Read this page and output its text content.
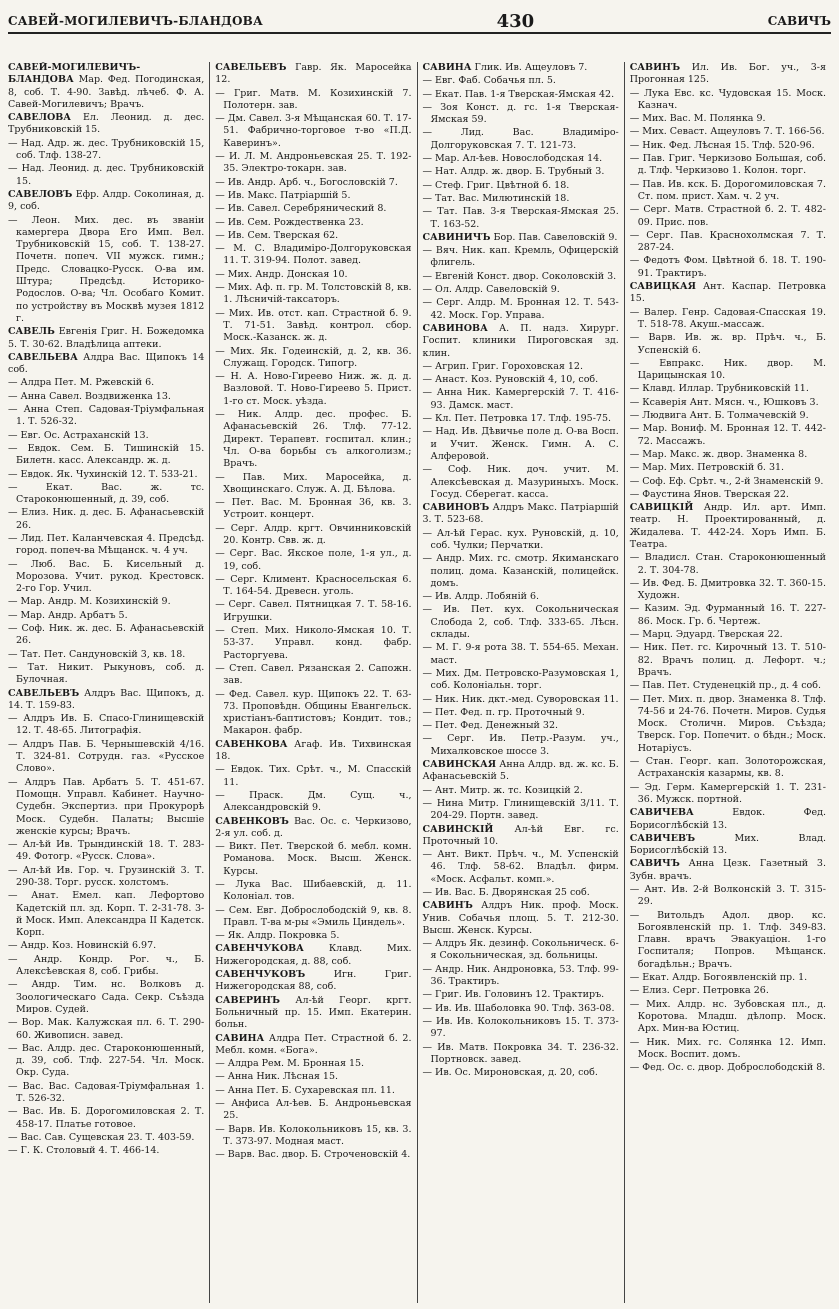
САВЕЙ-МОГИЛЕВИЧЪ-БЛАНДОВА	430	САВИЧЪ
САВЕЙ-МОГИЛЕВИЧЪ-БЛАНДОВА Мар. Фед. Погодинская, 8, соб. Т. 4-90. Завѣд. лѣчеб. Ф. А. Савей-Могилевичъ; Врачъ.
САВЕЛОВА Ел. Леонид. д. дес. Трубниковскій 15.
— Над. Адр. ж. дес. Трубниковскій 15, соб. Тлф. 138-27.
— Над. Леонид. д. дес. Трубниковскій 15.
САВЕЛОВЪ Ефр. Алдр. Соколиная, д. 9, соб.
— Леон. Мих. дес. въ званіи камергера Двора Его Имп. Вел. Трубниковскій 15, соб. Т. 138-27. Почетн. попеч. VII мужск. гимн.; Предс. Словацко-Русск. О-ва им. Штура; Предсѣд. Историко-Родослов. О-ва; Чл. Особаго Комит. по устройству въ Москвѣ музея 1812 г.
САВЕЛЬ Евгенія Григ. Н. Божедомка 5. Т. 30-62. Владѣлица аптеки.
САВЕЛЬЕВА Алдра Вас. Щипокъ 14 соб.
— Алдра Пет. М. Ржевскій 6.
— Анна Савел. Воздвиженка 13.
— Анна Степ. Садовая-Тріумфальная 1. Т. 526-32.
— Евг. Ос. Астраханскій 13.
— Евдок. Сем. Б. Тишинскій 15. Билетн. касс. Александр. ж. д.
— Евдок. Як. Чухинскій 12. Т. 533-21.
— Екат. Вас. ж. тс. Староконюшенный, д. 39, соб.
— Елиз. Ник. д. дес. Б. Афанасьевскій 26.
— Лид. Пет. Каланчевская 4. Предсѣд. город. попеч-ва Мѣщанск. ч. 4 уч.
— Люб. Вас. Б. Кисельный д. Морозова. Учит. рукод. Крестовск. 2-го Гор. Учил.
— Мар. Андр. М. Козихинскій 9.
— Мар. Андр. Арбатъ 5.
— Соф. Ник. ж. дес. Б. Афанасьевскій 26.
— Тат. Пет. Сандуновскій 3, кв. 18.
— Тат. Никит. Рыкуновъ, соб. д. Булочная.
САВЕЛЬЕВЪ Алдръ Вас. Щипокъ, д. 14. Т. 159-83.
— Алдръ Ив. Б. Спасо-Глинищевскій 12. Т. 48-65. Литографія.
— Алдръ Пав. Б. Чернышевскій 4/16. Т. 324-81. Сотрудн. газ. «Русское Слово».
— Алдръ Пав. Арбатъ 5. Т. 451-67. Помощн. Управл. Кабинет. Научно-Судебн. Экспертиз. при Прокурорѣ Моск. Судебн. Палаты; Высшіе женскіе курсы; Врачъ.
— Ал-ѣй Ив. Трындинскій 18. Т. 283-49. Фотогр. «Русск. Слова».
— Ал-ѣй Ив. Гор. ч. Грузинскій 3. Т. 290-38. Торг. русск. холстомъ.
— Анат. Емел. кап. Лефортово Кадетскій пл. зд. Корп. Т. 2-31-78. 3-й Моск. Имп. Александра II Кадетск. Корп.
— Андр. Коз. Новинскій 6.97.
— Андр. Кондр. Рог. ч., Б. Алексѣевская 8, соб. Грибы.
— Андр. Тим. нс. Волковъ д. Зоологическаго Сада. Секр. Съѣзда Миров. Судей.
— Вор. Мак. Калужская пл. 6. Т. 290-60. Живописн. завед.
— Вас. Алдр. дес. Староконюшенный, д. 39, соб. Тлф. 227-54. Чл. Моск. Окр. Суда.
— Вас. Вас. Садовая-Тріумфальная 1. Т. 526-32.
— Вас. Ив. Б. Дорогомиловская 2. Т. 458-17. Платье готовое.
— Вас. Сав. Сущевская 23. Т. 403-59.
— Г. К. Столовый 4. Т. 466-14.
САВЕЛЬЕВЪ Гавр. Як. Маросейка 12.
— Григ. Матв. М. Козихинскій 7. Полотерн. зав.
— Дм. Савел. 3-я Мѣщанская 60. Т. 17-51. Фабрично-торговое т-во «П.Д. Каверинъ».
— И. Л. М. Андроньевская 25. Т. 192-35. Электро-токарн. зав.
— Ив. Андр. Арб. ч., Богословскій 7.
— Ив. Макс. Патріаршій 5.
— Ив. Савел. Серебрянический 8.
— Ив. Сем. Рождественка 23.
— Ив. Сем. Тверская 62.
— М. С. Владиміро-Долгоруковская 11. Т. 319-94. Полот. завед.
— Мих. Андр. Донская 10.
— Мих. Аф. п. гр. М. Толстовскій 8, кв. 1. Лѣсничій-таксаторъ.
— Мих. Ив. отст. кап. Страстной б. 9. Т. 71-51. Завѣд. контрол. сбор. Моск.-Казанск. ж. д.
— Мих. Як. Годеинскій, д. 2, кв. 36. Служащ. Городск. Типогр.
— Н. А. Ново-Гиреево Ниж. ж. д. д. Вазловой. Т. Ново-Гиреево 5. Прист. 1-го ст. Моск. уѣзда.
— Ник. Алдр. дес. профес. Б. Афанасьевскій 26. Тлф. 77-12. Директ. Терапевт. госпитал. клин.; Чл. О-ва борьбы съ алкоголизм.; Врачъ.
— Пав. Мих. Маросейка, д. Хвощинскаго. Служ. А. Д. Бѣлова.
— Пет. Вас. М. Бронная 36, кв. 3. Устроит. концерт.
— Серг. Алдр. кргт. Овчинниковскій 20. Контр. Свв. ж. д.
— Серг. Вас. Якское поле, 1-я ул., д. 19, соб.
— Серг. Климент. Красносельская 6. Т. 164-54. Древесн. уголь.
— Серг. Савел. Пятницкая 7. Т. 58-16. Игрушки.
— Степ. Мих. Николо-Ямская 10. Т. 53-37. Управл. конд. фабр. Расторгуева.
— Степ. Савел. Рязанская 2. Сапожн. зав.
— Фед. Савел. кур. Щипокъ 22. Т. 63-73. Проповѣдн. Общины Евангельск. христіанъ-баптистовъ; Кондит. тов.; Макарон. фабр.
САВЕНКОВА Агаф. Ив. Тихвинская 18.
— Евдок. Тих. Срѣт. ч., М. Спасскій 11.
— Праск. Дм. Сущ. ч., Александровскій 9.
САВЕНКОВЪ Вас. Ос. с. Черкизово, 2-я ул. соб. д.
— Викт. Пет. Тверской б. мебл. комн. Романова. Моск. Высш. Женск. Курсы.
— Лука Вас. Шибаевскій, д. 11. Колоніал. тов.
— Сем. Евг. Доброслободскій 9, кв. 8. Правл. Т-ва м-ры «Эмиль Циндель».
— Як. Алдр. Покровка 5.
САВЕНЧУКОВА Клавд. Мих. Нижегородская, д. 88, соб.
САВЕНЧУКОВЪ Игн. Григ. Нижегородская 88, соб.
САВЕРИНЪ Ал-ѣй Георг. кргт. Больничный пр. 15. Имп. Екатерин. больн.
САВИНА Алдра Пет. Страстной б. 2. Мебл. комн. «Бога».
— Алдра Рем. М. Бронная 15.
— Анна Ник. Лѣсная 15.
— Анна Пет. Б. Сухаревская пл. 11.
— Анфиса Ал-ѣев. Б. Андроньевская 25.
— Варв. Ив. Колокольниковъ 15, кв. 3. Т. 373-97. Модная маст.
— Варв. Вас. двор. Б. Строченовскій 4.
САВИНА Глик. Ив. Ащеуловъ 7.
— Евг. Фаб. Собачья пл. 5.
— Екат. Пав. 1-я Тверская-Ямская 42.
— Зоя Конст. д. гс. 1-я Тверская-Ямская 59.
— Лид. Вас. Владиміро-Долгоруковская 7. Т. 121-73.
— Мар. Ал-ѣев. Новослободская 14.
— Нат. Алдр. ж. двор. Б. Трубный 3.
— Стеф. Григ. Цвѣтной б. 18.
— Тат. Вас. Милютинскій 18.
— Тат. Пав. 3-я Тверская-Ямская 25. Т. 163-52.
САВИНИЧЪ Бор. Пав. Савеловскій 9.
— Вяч. Ник. кап. Кремль, Офицерскій флигель.
— Евгеній Конст. двор. Соколовскій 3.
— Ол. Алдр. Савеловскій 9.
— Серг. Алдр. М. Бронная 12. Т. 543-42. Моск. Гор. Управа.
САВИНОВА А. П. надз. Хирург. Госпит. клиники Пироговская зд. клин.
— Агрип. Григ. Гороховская 12.
— Анаст. Коз. Руновскій 4, 10, соб.
— Анна Ник. Камергерскій 7. Т. 416-93. Дамск. маст.
— Кл. Пет. Петровка 17. Тлф. 195-75.
— Над. Ив. Дѣвичье поле д. О-ва Восп. и Учит. Женск. Гимн. А. С. Алферовой.
— Соф. Ник. доч. учит. М. Алексѣевская д. Мазуриныхъ. Моск. Госуд. Сберегат. касса.
САВИНОВЪ Алдръ Макс. Патріаршій 3. Т. 523-68.
— Ал-ѣй Герас. кух. Руновскій, д. 10, соб. Чулки; Перчатки.
— Андр. Мих. гс. смотр. Якиманскаго полиц. дома. Казанскій, полицейск. домъ.
— Ив. Алдр. Лобяній 6.
— Ив. Пет. кух. Сокольническая Слобода 2, соб. Тлф. 333-65. Лѣсн. склады.
— М. Г. 9-я рота 38. Т. 554-65. Механ. маст.
— Мих. Дм. Петровско-Разумовская 1, соб. Колоніальн. торг.
— Ник. Ник. дкт.-мед. Суворовская 11.
— Пет. Фед. п. гр. Проточный 9.
— Пет. Фед. Денежный 32.
— Серг. Ив. Петр.-Разум. уч., Михалковское шоссе 3.
САВИНСКАЯ Анна Алдр. вд. ж. кс. Б. Афанасьевскій 5.
— Ант. Митр. ж. тс. Козицкій 2.
— Нина Митр. Глинищевскій 3/11. Т. 204-29. Портн. завед.
САВИНСКІЙ Ал-ѣй Евг. гс. Проточный 10.
— Ант. Викт. Прѣч. ч., М. Успенскій 46. Тлф. 58-62. Владѣл. фирм. «Моск. Асфальт. комп.».
— Ив. Вас. Б. Дворянская 25 соб.
САВИНЪ Алдръ Ник. проф. Моск. Унив. Собачья площ. 5. Т. 212-30. Высш. Женск. Курсы.
— Алдръ Як. дезинф. Сокольническ. 6-я Сокольническая, зд. больницы.
— Андр. Ник. Андроновка, 53. Тлф. 99-36. Трактиръ.
— Григ. Ив. Головинъ 12. Трактиръ.
— Ив. Ив. Шаболовка 90. Тлф. 363-08.
— Ив. Ив. Колокольниковъ 15. Т. 373-97.
— Ив. Матв. Покровка 34. Т. 236-32. Портновск. завед.
— Ив. Ос. Мироновская, д. 20, соб.
САВИНЪ Ил. Ив. Бог. уч., 3-я Прогонная 125.
— Лука Евс. кс. Чудовская 15. Моск. Казнач.
— Мих. Вас. М. Полянка 9.
— Мих. Севаст. Ащеуловъ 7. Т. 166-56.
— Ник. Фед. Лѣсная 15. Тлф. 520-96.
— Пав. Григ. Черкизово Большая, соб. д. Тлф. Черкизово 1. Колон. торг.
— Пав. Ив. кск. Б. Дорогомиловская 7. Ст. пом. прист. Хам. ч. 2 уч.
— Серг. Матв. Страстной б. 2. Т. 482-09. Прис. пов.
— Серг. Пав. Краснохолмская 7. Т. 287-24.
— Федотъ Фом. Цвѣтной б. 18. Т. 190-91. Трактиръ.
САВИЦКАЯ Ант. Каспар. Петровка 15.
— Валер. Генр. Садовая-Спасская 19. Т. 518-78. Акуш.-массаж.
— Варв. Ив. ж. вр. Прѣч. ч., Б. Успенскій 6.
— Евпракс. Ник. двор. М. Царицынская 10.
— Клавд. Иллар. Трубниковскій 11.
— Ксаверія Ант. Мясн. ч., Юшковъ 3.
— Людвига Ант. Б. Толмачевскій 9.
— Мар. Вониф. М. Бронная 12. Т. 442-72. Массажъ.
— Мар. Макс. ж. двор. Знаменка 8.
— Мар. Мих. Петровскій б. 31.
— Соф. Еф. Срѣт. ч., 2-й Знаменскій 9.
— Фаустина Янов. Тверская 22.
САВИЦКІЙ Андр. Ил. арт. Имп. театр. Н. Проектированный, д. Жидалева. Т. 442-24. Хоръ Имп. Б. Театра.
— Владисл. Стан. Староконюшенный 2. Т. 304-78.
— Ив. Фед. Б. Дмитровка 32. Т. 360-15. Художн.
— Казим. Эд. Фурманный 16. Т. 227-86. Моск. Гр. б. Чертеж.
— Марц. Эдуард. Тверская 22.
— Ник. Пет. гс. Кирочный 13. Т. 510-82. Врачъ полиц. д. Лефорт. ч.; Врачъ.
— Пав. Пет. Студенецкій пр., д. 4 соб.
— Пет. Мих. п. двор. Знаменка 8. Тлф. 74-56 и 24-76. Почетн. Миров. Судья Моск. Столичн. Миров. Съѣзда; Тверск. Гор. Попечит. о бѣдн.; Моск. Нотаріусъ.
— Стан. Георг. кап. Золоторожская, Астраханскія казармы, кв. 8.
— Эд. Герм. Камергерскій 1. Т. 231-36. Мужск. портной.
САВИЧЕВА Евдок. Фед. Борисоглѣбскій 13.
САВИЧЕВЪ Мих. Влад. Борисоглѣбскій 13.
САВИЧЪ Анна Цезк. Газетный 3. Зубн. врачъ.
— Ант. Ив. 2-й Волконскій 3. Т. 315-29.
— Витольдъ Адол. двор. кс. Богоявленскій пр. 1. Тлф. 349-83. Главн. врачъ Эвакуаціон. 1-го Госпиталя; Попров. Мѣщанск. богадѣльн.; Врачъ.
— Екат. Алдр. Богоявленскій пр. 1.
— Елиз. Серг. Петровка 26.
— Мих. Алдр. нс. Зубовская пл., д. Коротова. Младш. дѣлопр. Моск. Арх. Мин-ва Юстиц.
— Ник. Мих. гс. Солянка 12. Имп. Моск. Воспит. домъ.
— Фед. Ос. с. двор. Доброслободскій 8.
